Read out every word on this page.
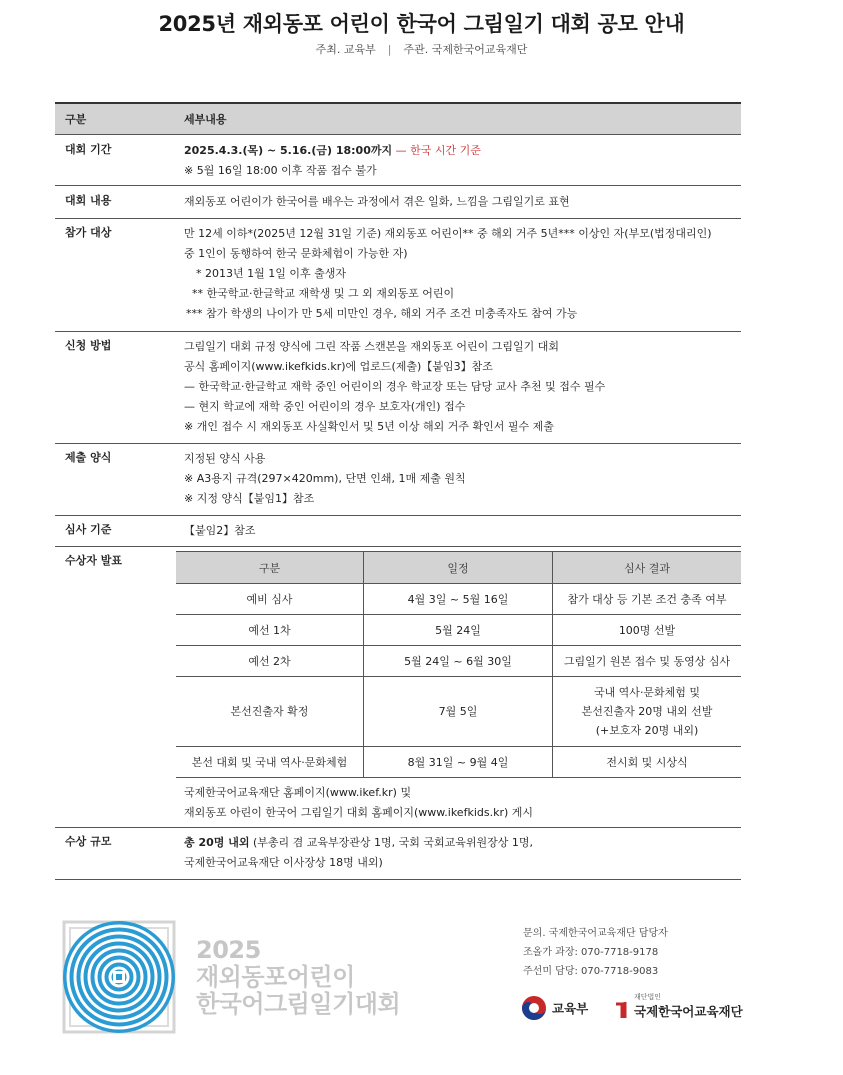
2025년 재외동포 어린이 한국어 그림일기 대회 공모 안내
주최. 교육부 | 주관. 국제한국어교육재단
구분	세부내용
대회 기간	2025.4.3.(목) ~ 5.16.(금) 18:00까지 — 한국 시간 기준
※ 5월 16일 18:00 이후 작품 접수 불가

대회 내용	재외동포 어린이가 한국어를 배우는 과정에서 겪은 일화, 느낌을 그림일기로 표현

참가 대상	만 12세 이하*(2025년 12월 31일 기준) 재외동포 어린이** 중 해외 거주 5년*** 이상인 자(부모(법정대리인)
중 1인이 동행하여 한국 문화체험이 가능한 자)
* 2013년 1월 1일 이후 출생자
** 한국학교·한글학교 재학생 및 그 외 재외동포 어린이
*** 참가 학생의 나이가 만 5세 미만인 경우, 해외 거주 조건 미충족자도 참여 가능

신청 방법	그림일기 대회 규정 양식에 그린 작품 스캔본을 재외동포 어린이 그림일기 대회
공식 홈페이지(www.ikefkids.kr)에 업로드(제출)【붙임3】참조
— 한국학교·한글학교 재학 중인 어린이의 경우 학교장 또는 담당 교사 추천 및 접수 필수
— 현지 학교에 재학 중인 어린이의 경우 보호자(개인) 접수
※ 개인 접수 시 재외동포 사실확인서 및 5년 이상 해외 거주 확인서 필수 제출

제출 양식	지정된 양식 사용
※ A3용지 규격(297×420mm), 단면 인쇄, 1매 제출 원칙
※ 지정 양식【붙임1】참조

심사 기준	【붙임2】참조

수상자 발표	
구분	일정	심사 결과
예비 심사	4월 3일 ~ 5월 16일	참가 대상 등 기본 조건 충족 여부
예선 1차	5월 24일	100명 선발
예선 2차	5월 24일 ~ 6월 30일	그림일기 원본 접수 및 동영상 심사
본선진출자 확정	7월 5일	
국내 역사·문화체험 및
본선진출자 20명 내외 선발
(+보호자 20명 내외)

본선 대회 및 국내 역사·문화체험	8월 31일 ~ 9월 4일	전시회 및 시상식
국제한국어교육재단 홈페이지(www.ikef.kr) 및
재외동포 아린이 한국어 그림일기 대회 홈페이지(www.ikefkids.kr) 게시

수상 규모	총 20명 내외 (부총리 겸 교육부장관상 1명, 국회 국회교육위원장상 1명,
국제한국어교육재단 이사장상 18명 내외)
2025
재외동포어린이
한국어그림일기대회
문의. 국제한국어교육재단 담당자
조올가 과장: 070-7718-9178
주선미 담당: 070-7718-9083
교육부
재단법인
국제한국어교육재단
